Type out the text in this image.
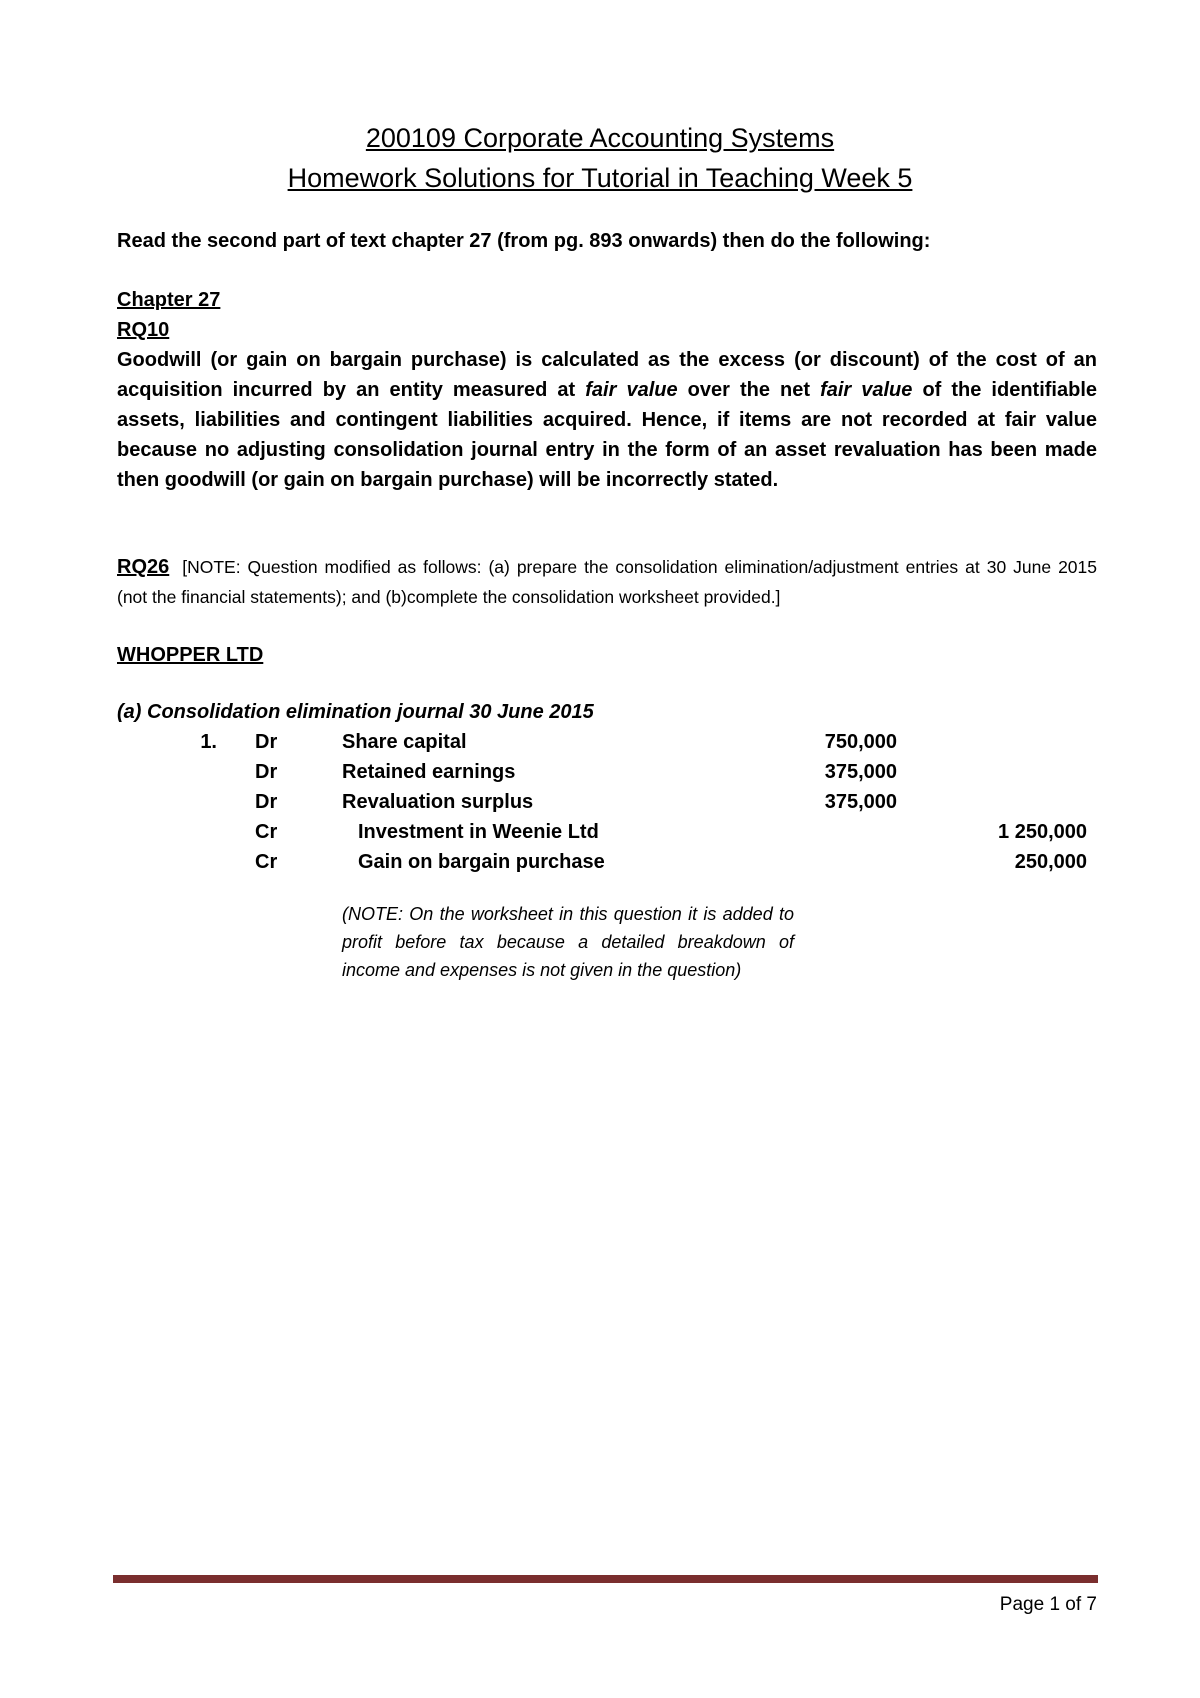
200109 Corporate Accounting Systems
Homework Solutions for Tutorial in Teaching Week 5
Read the second part of text chapter 27 (from pg. 893 onwards) then do the following:
Chapter 27
RQ10
Goodwill (or gain on bargain purchase) is calculated as the excess (or discount) of the cost of an acquisition incurred by an entity measured at fair value over the net fair value of the identifiable assets, liabilities and contingent liabilities acquired. Hence, if items are not recorded at fair value because no adjusting consolidation journal entry in the form of an asset revaluation has been made then goodwill (or gain on bargain purchase) will be incorrectly stated.
RQ26 [NOTE: Question modified as follows: (a) prepare the consolidation elimination/adjustment entries at 30 June 2015 (not the financial statements); and (b)complete the consolidation worksheet provided.]
WHOPPER LTD
(a) Consolidation elimination journal 30 June 2015
1. Dr	Share capital	750,000
Dr	Retained earnings	375,000
Dr	Revaluation surplus	375,000
Cr	Investment in Weenie Ltd	1 250,000
Cr	Gain on bargain purchase	250,000
(NOTE: On the worksheet in this question it is added to profit before tax because a detailed breakdown of income and expenses is not given in the question)
Page 1 of 7
